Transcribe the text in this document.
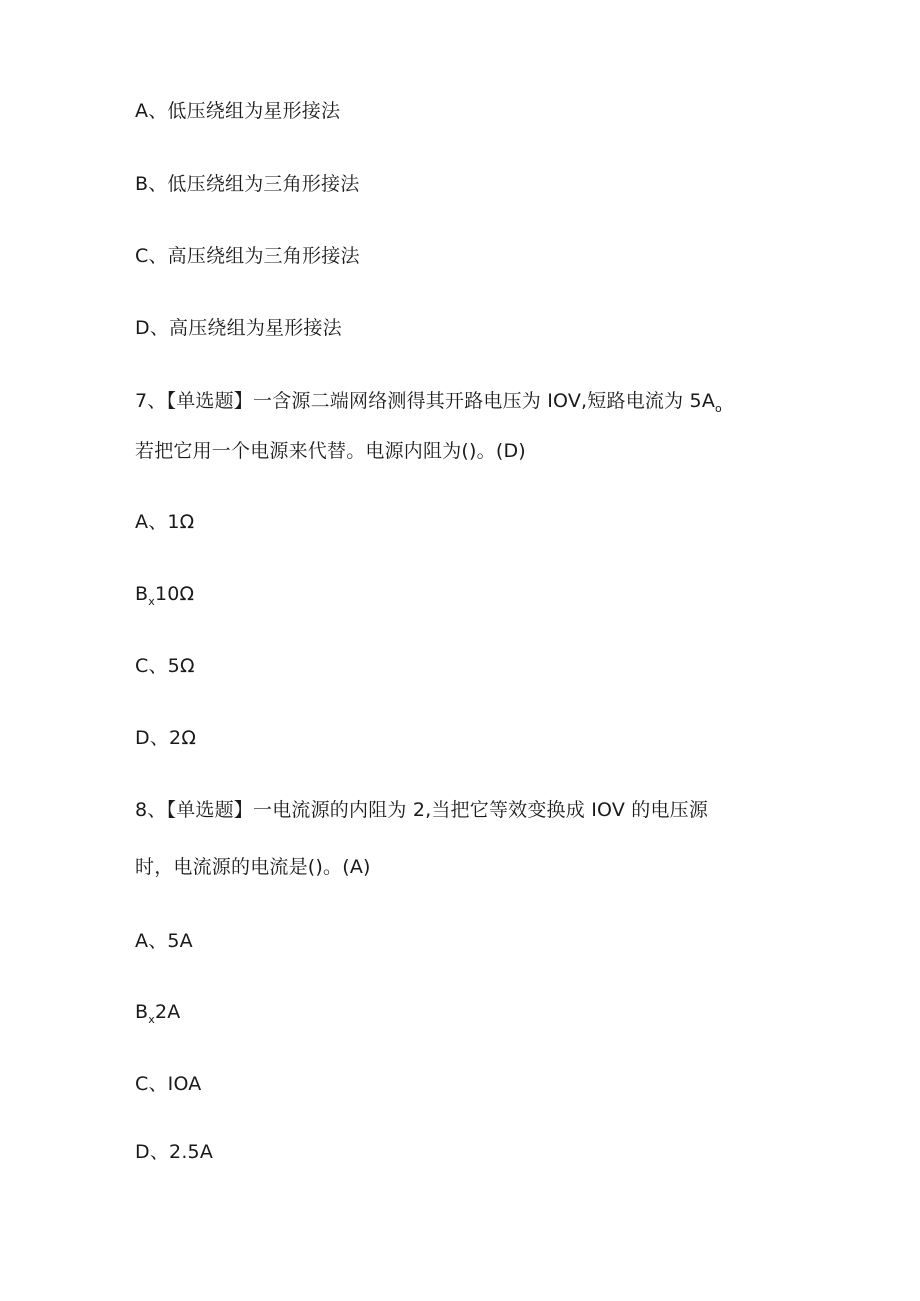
A、低压绕组为星形接法
B、低压绕组为三角形接法
C、高压绕组为三角形接法
D、高压绕组为星形接法
7、【单选题】一含源二端网络测得其开路电压为 IOV,短路电流为 $5A_o$
若把它用一个电源来代替。电源内阻为()。(D)
A、1Ω
$B_x10\Omega$
C、5Ω
D、2Ω
8、【单选题】一电流源的内阻为 2,当把它等效变换成 IOV 的电压源
时，电流源的电流是()。(A)
A、5A
$B_x2A$
C、IOA
D、2.5A
